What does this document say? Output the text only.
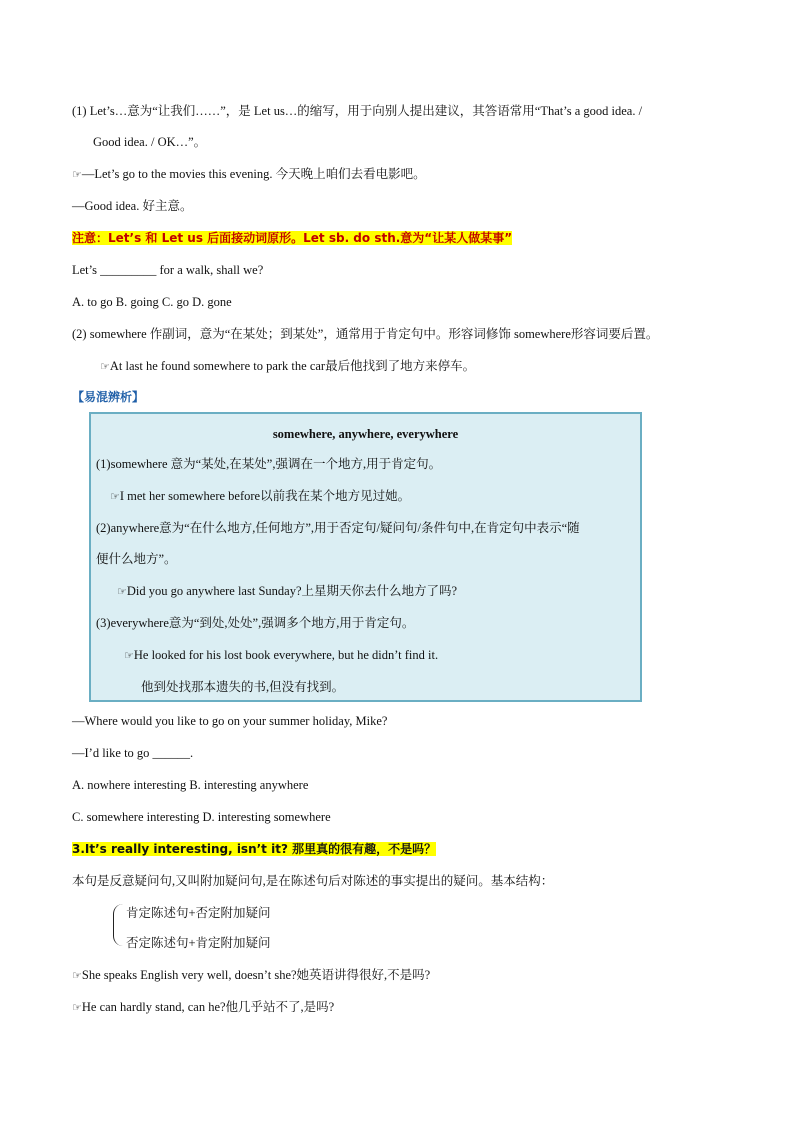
(1) Let’s…意为“让我们……”，是 Let us…的缩写，用于向别人提出建议，其答语常用“That’s a good idea. /
Good idea. / OK…”。
☞—Let’s go to the movies this evening. 今天晚上咱们去看电影吧。
—Good idea. 好主意。
注意：Let’s 和 Let us 后面接动词原形。Let sb. do sth.意为“让某人做某事”
Let’s _________ for a walk, shall we?
A. to go B. going C. go D. gone
(2) somewhere 作副词，意为“在某处；到某处”，通常用于肯定句中。形容词修饰 somewhere形容词要后置。
☞At last he found somewhere to park the car最后他找到了地方来停车。
【易混辨析】
somewhere, anywhere, everywhere
(1)somewhere 意为“某处,在某处”,强调在一个地方,用于肯定句。
☞I met her somewhere before以前我在某个地方见过她。
(2)anywhere意为“在什么地方,任何地方”,用于否定句/疑问句/条件句中,在肯定句中表示“随
便什么地方”。
☞Did you go anywhere last Sunday?上星期天你去什么地方了吗?
(3)everywhere意为“到处,处处”,强调多个地方,用于肯定句。
☞He looked for his lost book everywhere, but he didn’t find it.
他到处找那本遗失的书,但没有找到。
—Where would you like to go on your summer holiday, Mike?
—I’d like to go ______.
A. nowhere interesting B. interesting anywhere
C. somewhere interesting D. interesting somewhere
3.It’s really interesting, isn’t it? 那里真的很有趣，不是吗？
本句是反意疑问句,又叫附加疑问句,是在陈述句后对陈述的事实提出的疑问。基本结构：
肯定陈述句+否定附加疑问
否定陈述句+肯定附加疑问
☞She speaks English very well, doesn’t she?她英语讲得很好,不是吗?
☞He can hardly stand, can he?他几乎站不了,是吗?
